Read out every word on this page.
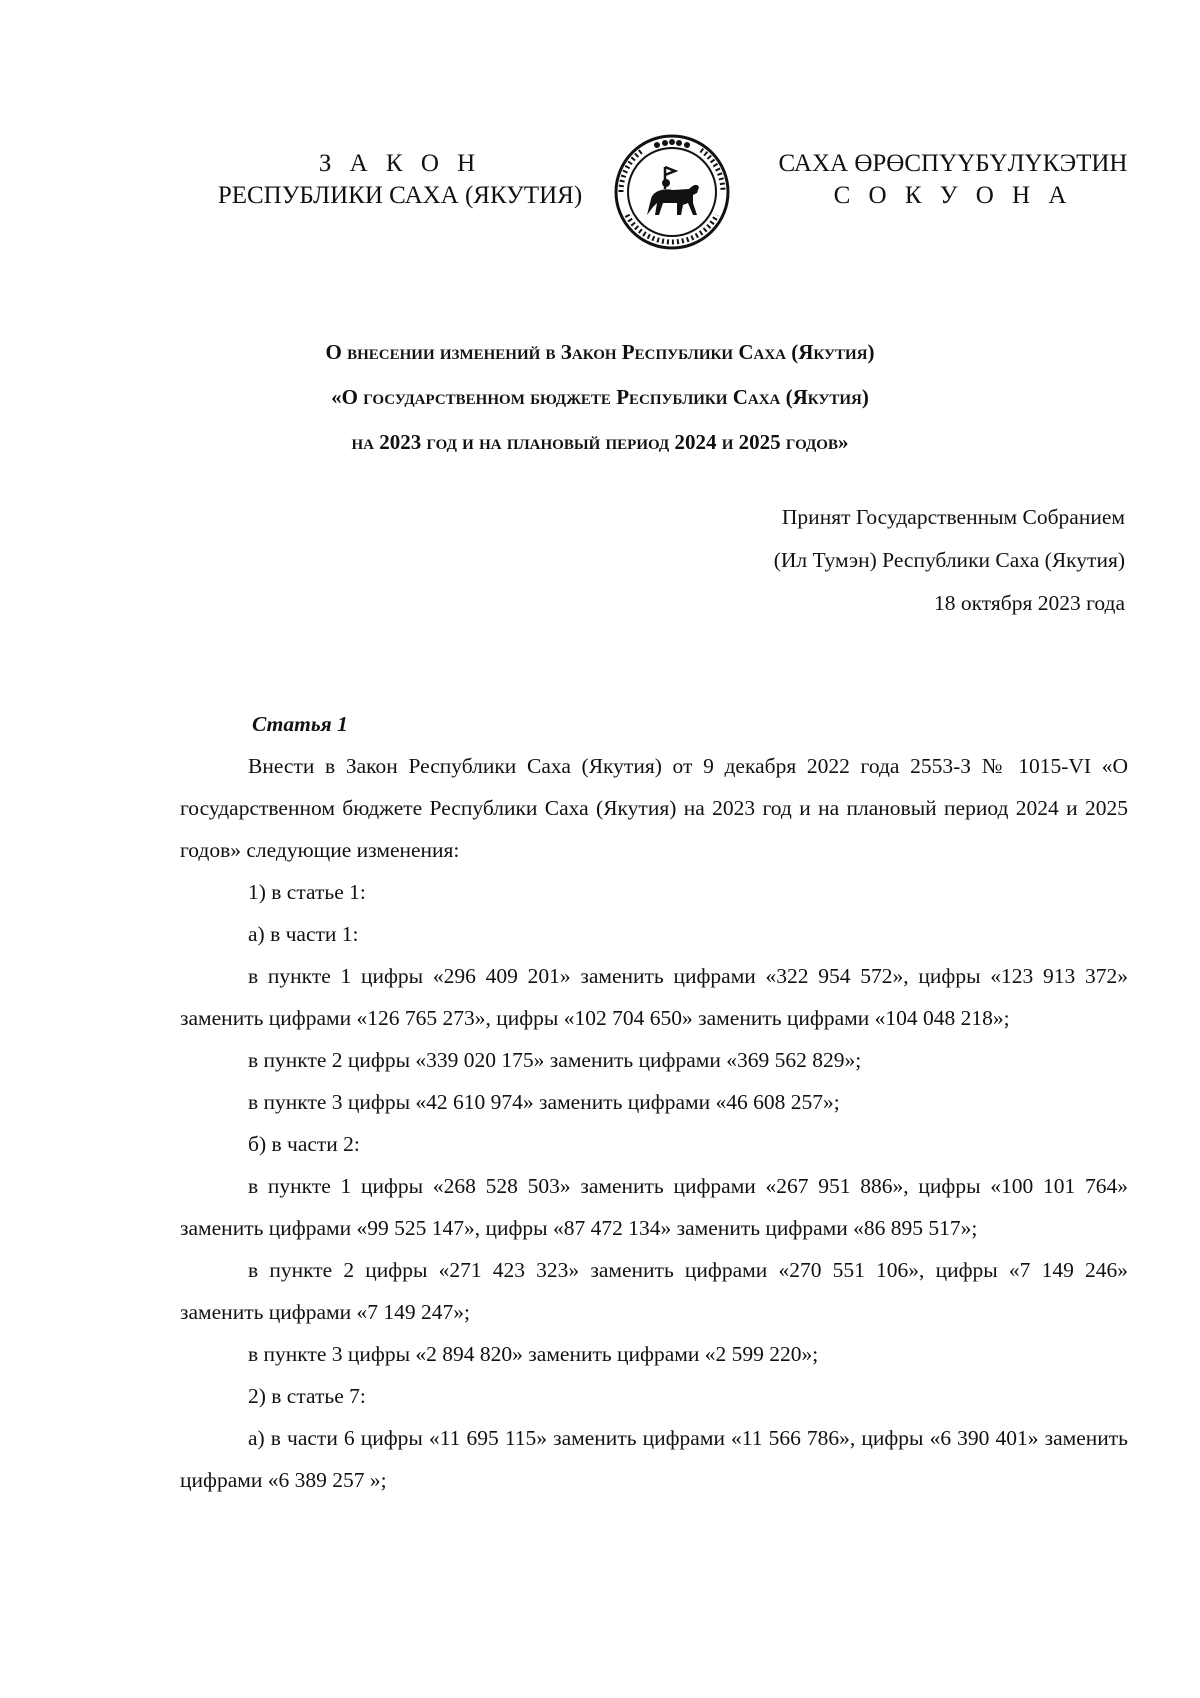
З А К О Н
РЕСПУБЛИКИ САХА (ЯКУТИЯ)
САХА ӨРӨСПҮҮБҮЛҮКЭТИН
С О К У О Н А
О внесении изменений в Закон Республики Саха (Якутия)
«О государственном бюджете Республики Саха (Якутия)
на 2023 год и на плановый период 2024 и 2025 годов»
Принят Государственным Собранием
(Ил Тумэн) Республики Саха (Якутия)
18 октября 2023 года

Статья 1

Внести в Закон Республики Саха (Якутия) от 9 декабря 2022 года 2553-З № 1015-VI «О государственном бюджете Республики Саха (Якутия) на 2023 год и на плановый период 2024 и 2025 годов» следующие изменения:

1) в статье 1:

а) в части 1:

в пункте 1 цифры «296 409 201» заменить цифрами «322 954 572», цифры «123 913 372» заменить цифрами «126 765 273», цифры «102 704 650» заменить цифрами «104 048 218»;

в пункте 2 цифры «339 020 175» заменить цифрами «369 562 829»;

в пункте 3 цифры «42 610 974» заменить цифрами «46 608 257»;

б) в части 2:

в пункте 1 цифры «268 528 503» заменить цифрами «267 951 886», цифры «100 101 764» заменить цифрами «99 525 147», цифры «87 472 134» заменить цифрами «86 895 517»;

в пункте 2 цифры «271 423 323» заменить цифрами «270 551 106», цифры «7 149 246» заменить цифрами «7 149 247»;

в пункте 3 цифры «2 894 820» заменить цифрами «2 599 220»;

2) в статье 7:

а) в части 6 цифры «11 695 115» заменить цифрами «11 566 786», цифры «6 390 401» заменить цифрами «6 389 257 »;
